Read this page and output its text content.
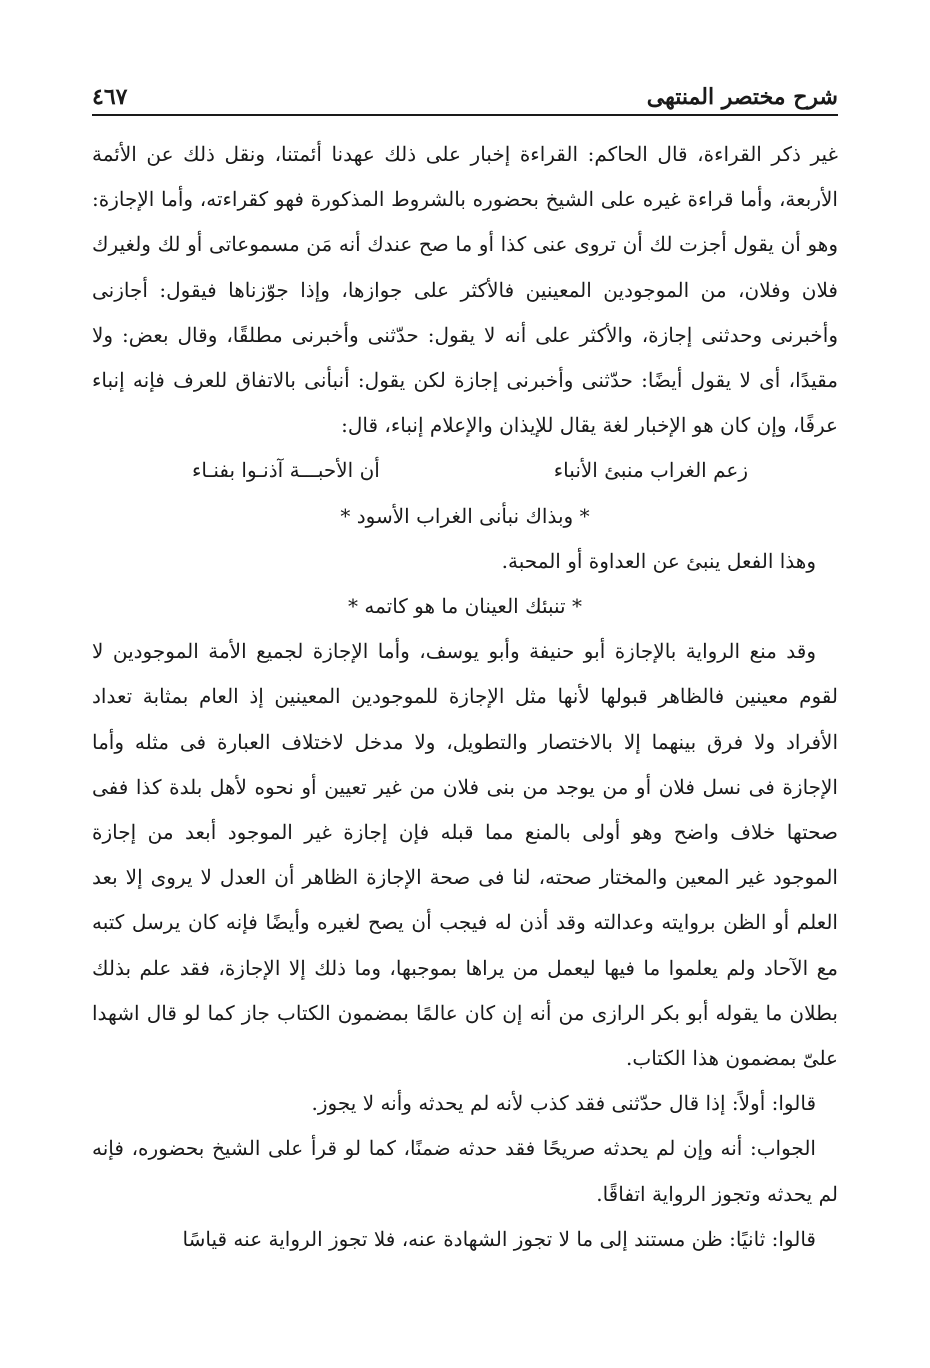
شرح مختصر المنتهى
٤٦٧

غير ذكر القراءة، قال الحاكم: القراءة إخبار على ذلك عهدنا أئمتنا، ونقل ذلك عن الأئمة الأربعة، وأما قراءة غيره على الشيخ بحضوره بالشروط المذكورة فهو كقراءته، وأما الإجازة: وهو أن يقول أجزت لك أن تروى عنى كذا أو ما صح عندك أنه مَن مسموعاتى أو لك ولغيرك فلان وفلان، من الموجودين المعينين فالأكثر على جوازها، وإذا جوّزناها فيقول: أجازنى وأخبرنى وحدثنى إجازة، والأكثر على أنه لا يقول: حدّثنى وأخبرنى مطلقًا، وقال بعض: ولا مقيدًا، أى لا يقول أيضًا: حدّثنى وأخبرنى إجازة لكن يقول: أنبأنى بالاتفاق للعرف فإنه إنباء عرفًا، وإن كان هو الإخبار لغة يقال للإيذان والإعلام إنباء، قال:

زعم الغراب منبئ الأنباء
أن الأحبـــة آذنـوا بفنـاء

* وبذاك نبأنى الغراب الأسود *

وهذا الفعل ينبئ عن العداوة أو المحبة.

* تنبئك العينان ما هو كاتمه *

وقد منع الرواية بالإجازة أبو حنيفة وأبو يوسف، وأما الإجازة لجميع الأمة الموجودين لا لقوم معينين فالظاهر قبولها لأنها مثل الإجازة للموجودين المعينين إذ العام بمثابة تعداد الأفراد ولا فرق بينهما إلا بالاختصار والتطويل، ولا مدخل لاختلاف العبارة فى مثله وأما الإجازة فى نسل فلان أو من يوجد من بنى فلان من غير تعيين أو نحوه لأهل بلدة كذا ففى صحتها خلاف واضح وهو أولى بالمنع مما قبله فإن إجازة غير الموجود أبعد من إجازة الموجود غير المعين والمختار صحته، لنا فى صحة الإجازة الظاهر أن العدل لا يروى إلا بعد العلم أو الظن بروايته وعدالته وقد أذن له فيجب أن يصح لغيره وأيضًا فإنه كان يرسل كتبه مع الآحاد ولم يعلموا ما فيها ليعمل من يراها بموجبها، وما ذلك إلا الإجازة، فقد علم بذلك بطلان ما يقوله أبو بكر الرازى من أنه إن كان عالمًا بمضمون الكتاب جاز كما لو قال اشهدا علىّ بمضمون هذا الكتاب.

قالوا: أولاً: إذا قال حدّثنى فقد كذب لأنه لم يحدثه وأنه لا يجوز.

الجواب: أنه وإن لم يحدثه صريحًا فقد حدثه ضمنًا، كما لو قرأ على الشيخ بحضوره، فإنه لم يحدثه وتجوز الرواية اتفاقًا.

قالوا: ثانيًا: ظن مستند إلى ما لا تجوز الشهادة عنه، فلا تجوز الرواية عنه قياسًا
